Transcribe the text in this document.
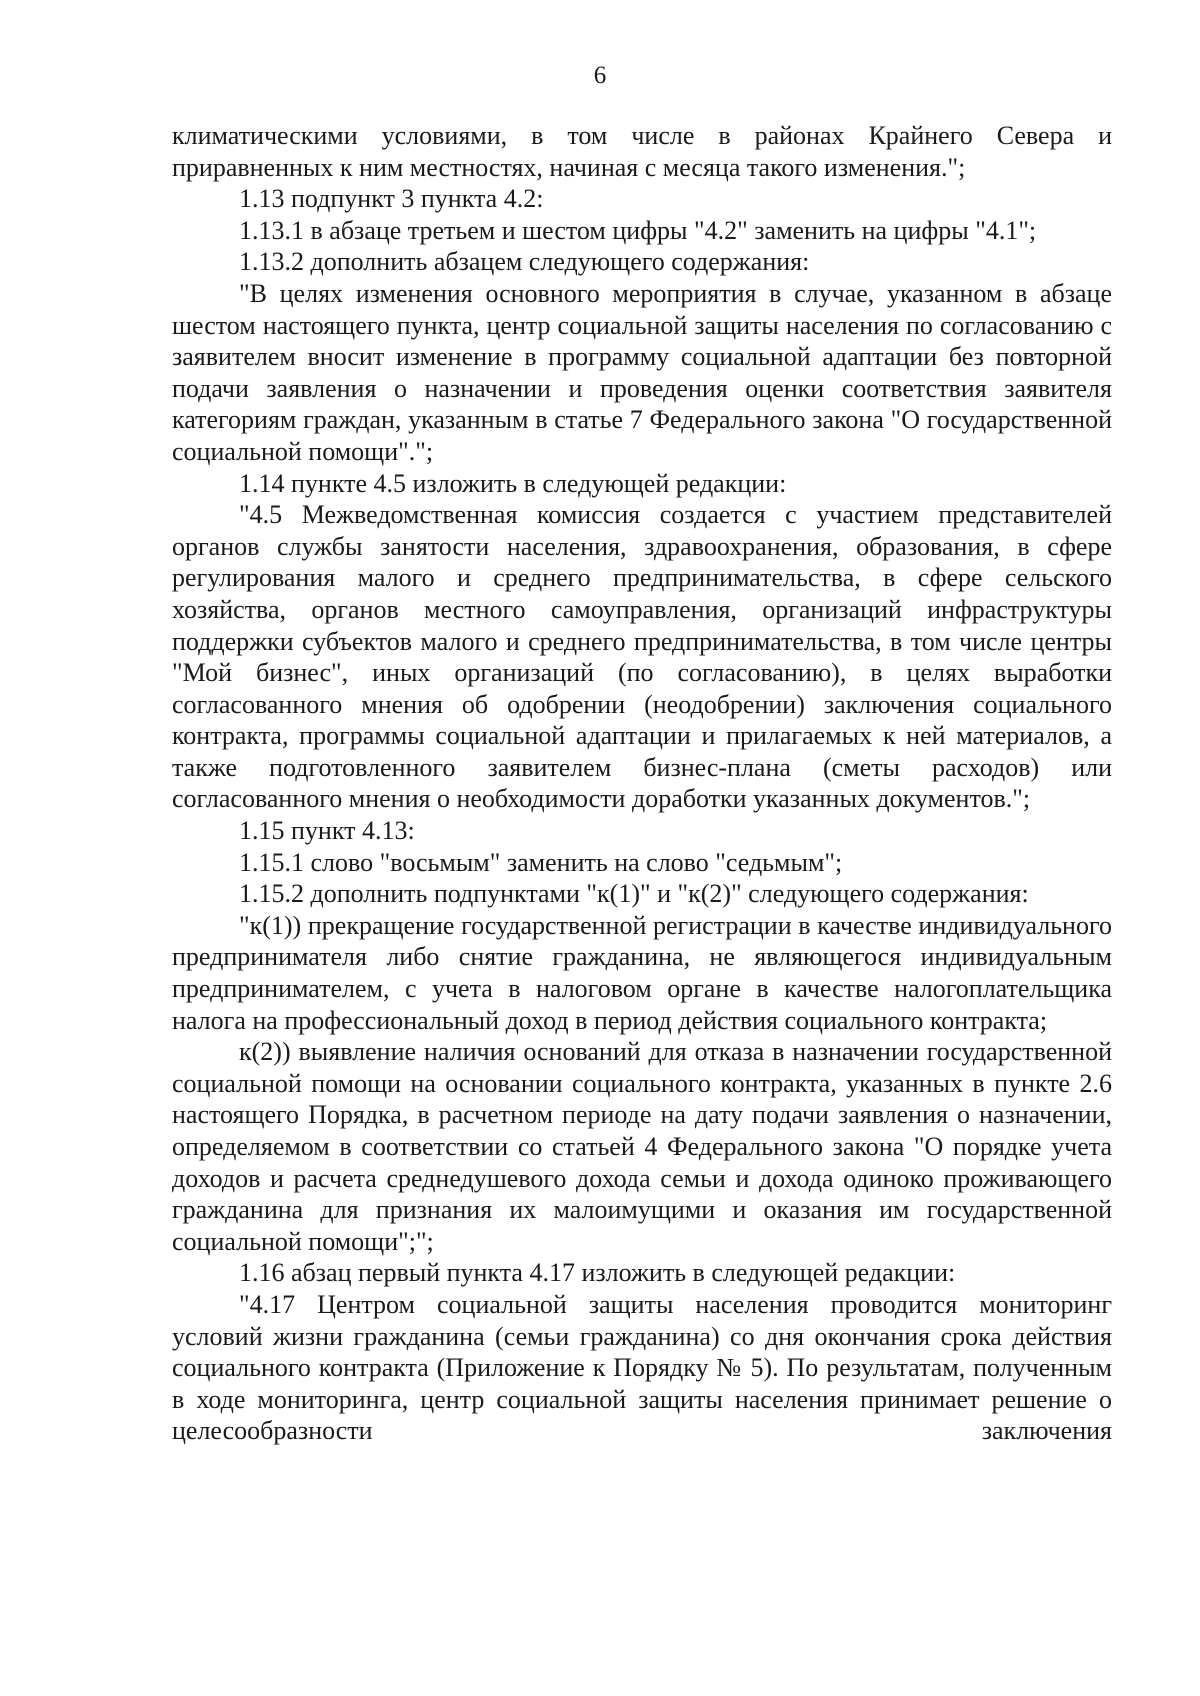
6

климатическими условиями, в том числе в районах Крайнего Севера и приравненных к ним местностях, начиная с месяца такого изменения.";

1.13 подпункт 3 пункта 4.2:

1.13.1 в абзаце третьем и шестом цифры "4.2" заменить на цифры "4.1";

1.13.2 дополнить абзацем следующего содержания:

"В целях изменения основного мероприятия в случае, указанном в абзаце шестом настоящего пункта, центр социальной защиты населения по согласованию с заявителем вносит изменение в программу социальной адаптации без повторной подачи заявления о назначении и проведения оценки соответствия заявителя категориям граждан, указанным в статье 7 Федерального закона "О государственной социальной помощи".";

1.14 пункте 4.5 изложить в следующей редакции:

"4.5 Межведомственная комиссия создается с участием представителей органов службы занятости населения, здравоохранения, образования, в сфере регулирования малого и среднего предпринимательства, в сфере сельского хозяйства, органов местного самоуправления, организаций инфраструктуры поддержки субъектов малого и среднего предпринимательства, в том числе центры "Мой бизнес", иных организаций (по согласованию), в целях выработки согласованного мнения об одобрении (неодобрении) заключения социального контракта, программы социальной адаптации и прилагаемых к ней материалов, а также подготовленного заявителем бизнес-плана (сметы расходов) или согласованного мнения о необходимости доработки указанных документов.";

1.15 пункт 4.13:

1.15.1 слово "восьмым" заменить на слово "седьмым";

1.15.2 дополнить подпунктами "к(1)" и "к(2)" следующего содержания:

"к(1)) прекращение государственной регистрации в качестве индивидуального предпринимателя либо снятие гражданина, не являющегося индивидуальным предпринимателем, с учета в налоговом органе в качестве налогоплательщика налога на профессиональный доход в период действия социального контракта;

к(2)) выявление наличия оснований для отказа в назначении государственной социальной помощи на основании социального контракта, указанных в пункте 2.6 настоящего Порядка, в расчетном периоде на дату подачи заявления о назначении, определяемом в соответствии со статьей 4 Федерального закона "О порядке учета доходов и расчета среднедушевого дохода семьи и дохода одиноко проживающего гражданина для признания их малоимущими и оказания им государственной социальной помощи";";

1.16 абзац первый пункта 4.17 изложить в следующей редакции:

"4.17 Центром социальной защиты населения проводится мониторинг условий жизни гражданина (семьи гражданина) со дня окончания срока действия социального контракта (Приложение к Порядку № 5). По результатам, полученным в ходе мониторинга, центр социальной защиты населения принимает решение о целесообразности заключения
